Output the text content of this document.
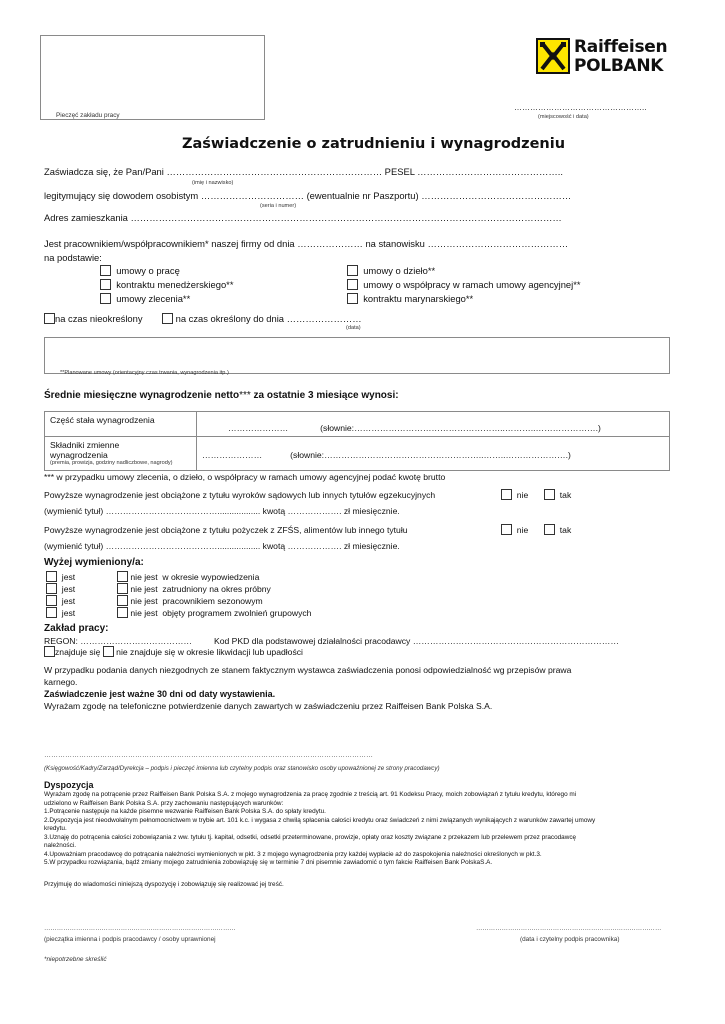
Pieczęć zakładu pracy
Raiffeisen
POLBANK
…………………………………………..
(miejscowość i data)
Zaświadczenie o zatrudnieniu i wynagrodzeniu
Zaświadcza się, że Pan/Pani …………………………………………………………… PESEL ………………………………………..
(imię i nazwisko)
legitymujący się dowodem osobistym …………………………… (ewentualnie nr Paszportu) …………………………………………
(seria i numer)
Adres zamieszkania …………………………………………………………………………………………………………………………
Jest pracownikiem/współpracownikiem* naszej firmy od dnia ………………… na stanowisku ………………………………………
na podstawie:
umowy o pracę
kontraktu menedżerskiego**
umowy zlecenia**
umowy o dzieło**
umowy o współpracy w ramach umowy agencyjnej**
kontraktu marynarskiego**
na czas nieokreślony	na czas określony do dnia ……………………
(data)
**Planowane umowy (orientacyjny czas trwania, wynagrodzenia itp.)
Średnie miesięczne wynagrodzenie netto*** za ostatnie 3 miesiące wynosi:
Część stała wynagrodzenia	………………… (słownie:……………………………………………..………..………………….)

Składniki zmienne
wynagrodzenia
(premia, prowizja, godziny nadliczbowe, nagrody)	………………… (słownie:………………………………………………..……..………………….)
*** w przypadku umowy zlecenia, o dzieło, o współpracy w ramach umowy agencyjnej podać kwotę brutto
Powyższe wynagrodzenie jest obciążone z tytułu wyroków sądowych lub innych tytułów egzekucyjnych	nie	tak
(wymienić tytuł) ………………………………….................. kwotą ………………. zł miesięcznie.
Powyższe wynagrodzenie jest obciążone z tytułu pożyczek z ZFŚS, alimentów lub innego tytułu	nie	tak
(wymienić tytuł) ………………………………….................. kwotą ………………. zł miesięcznie.
Wyżej wymieniony/a:
jest	nie jest w okresie wypowiedzenia
jest	nie jest zatrudniony na okres próbny
jest	nie jest pracownikiem sezonowym
jest	nie jest objęty programem zwolnień grupowych
Zakład pracy:
REGON: …………………………………	Kod PKD dla podstawowej działalności pracodawcy ………………………………………………………………
znajduje się nie znajduje się w okresie likwidacji lub upadłości
W przypadku podania danych niezgodnych ze stanem faktycznym wystawca zaświadczenia ponosi odpowiedzialność wg przepisów prawa
karnego.
Zaświadczenie jest ważne 30 dni od daty wystawienia.
Wyrażam zgodę na telefoniczne potwierdzenie danych zawartych w zaświadczeniu przez Raiffeisen Bank Polska S.A.
……………………………………………………………………………………………………………………………
(Księgowość/Kadry/Zarząd/Dyrekcja – podpis i pieczęć imienna lub czytelny podpis oraz stanowisko osoby upoważnionej ze strony pracodawcy)
Dyspozycja
Wyrażam zgodę na potrącenie przez Raiffeisen Bank Polska S.A. z mojego wynagrodzenia za pracę zgodnie z treścią art. 91 Kodeksu Pracy, moich zobowiązań z tytułu kredytu, którego mi
udzielono w Raiffeisen Bank Polska S.A. przy zachowaniu następujących warunków:
1.Potrącenie następuje na każde pisemne wezwanie Raiffeisen Bank Polska S.A. do spłaty kredytu.
2.Dyspozycja jest nieodwołalnym pełnomocnictwem w trybie art. 101 k.c. i wygasa z chwilą spłacenia całości kredytu oraz świadczeń z nimi związanych wynikających z warunków zawartej umowy
kredytu.
3.Uznaję do potrącenia całości zobowiązania z ww. tytułu tj. kapitał, odsetki, odsetki przeterminowane, prowizje, opłaty oraz koszty związane z przekazem lub przelewem przez pracodawcę
należności.
4.Upoważniam pracodawcę do potrącania należności wymienionych w pkt. 3 z mojego wynagrodzenia przy każdej wypłacie aż do zaspokojenia należności określonych w pkt.3.
5.W przypadku rozwiązania, bądź zmiany mojego zatrudnienia zobowiązuję się w terminie 7 dni pisemnie zawiadomić o tym fakcie Raiffeisen Bank PolskaS.A.
Przyjmuję do wiadomości niniejszą dyspozycję i zobowiązuję się realizować jej treść.
………………………………………………………………………………
(pieczątka imienna i podpis pracodawcy / osoby uprawnionej
……………………………………………………………………………
(data i czytelny podpis pracownika)
*niepotrzebne skreślić
